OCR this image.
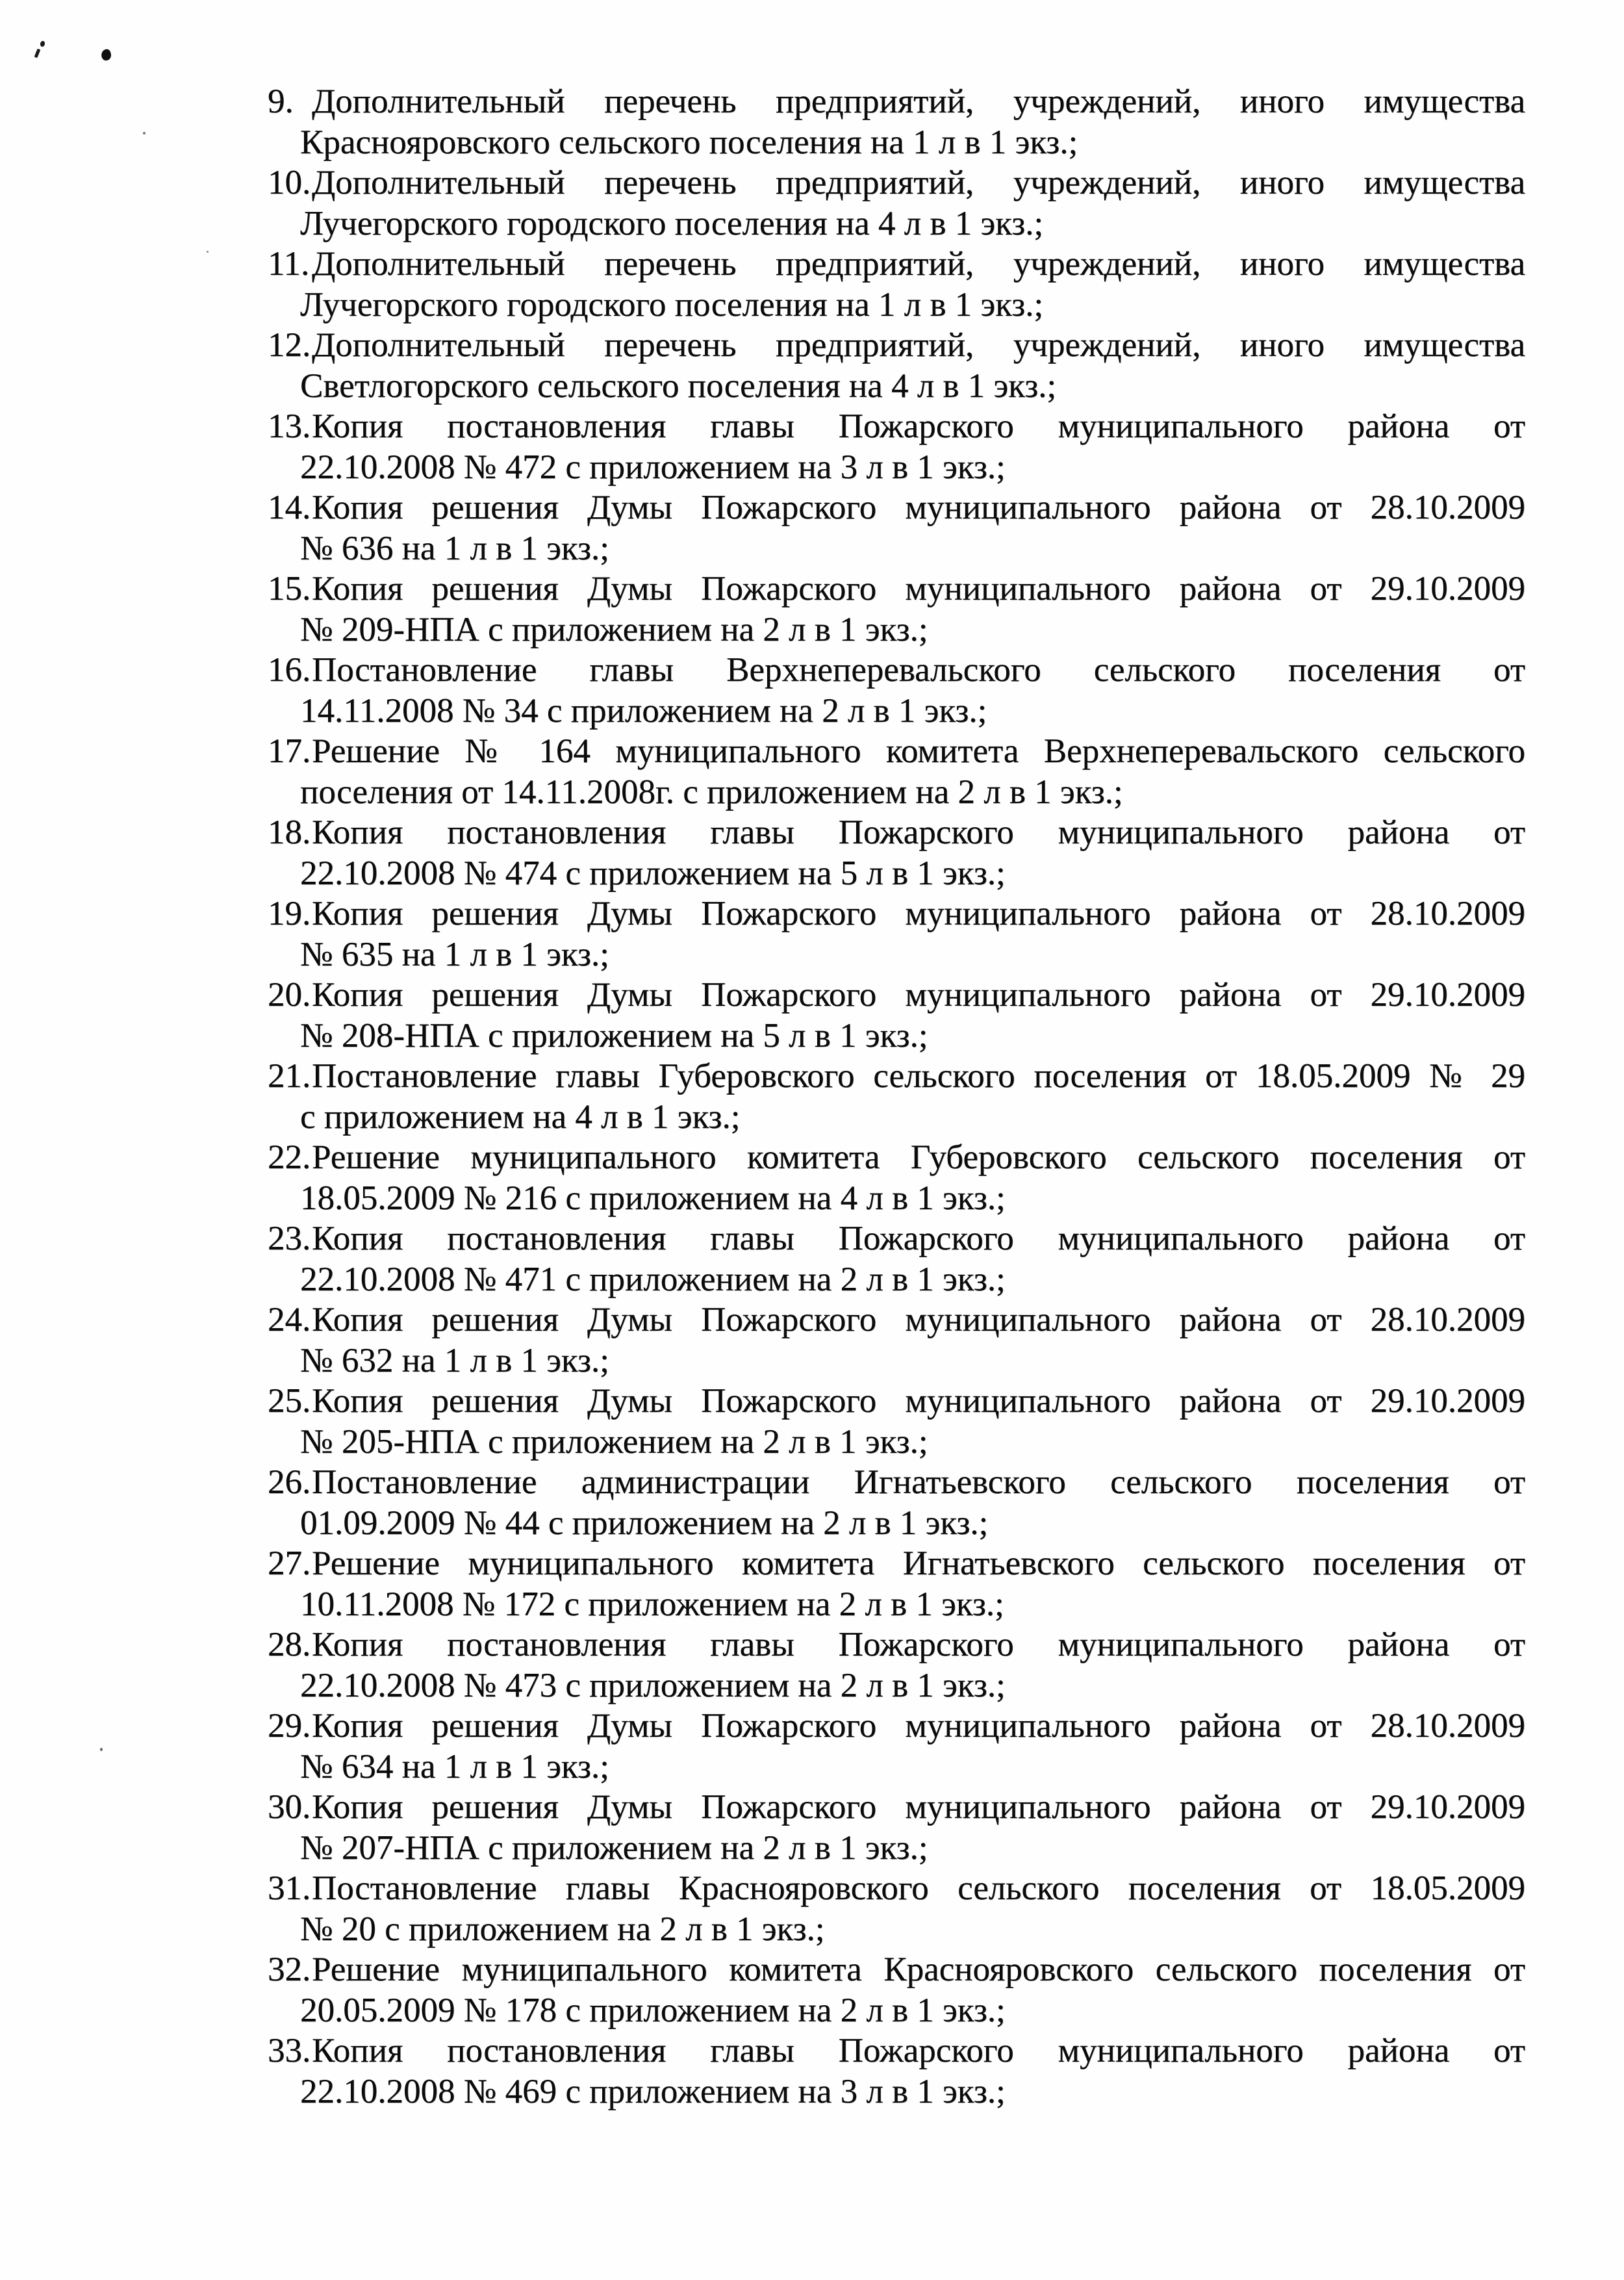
9. Дополнительный перечень предприятий, учреждений, иного имущества
Краснояровского сельского поселения на 1 л в 1 экз.;
10.Дополнительный перечень предприятий, учреждений, иного имущества
Лучегорского городского поселения на 4 л в 1 экз.;
11.Дополнительный перечень предприятий, учреждений, иного имущества
Лучегорского городского поселения на 1 л в 1 экз.;
12.Дополнительный перечень предприятий, учреждений, иного имущества
Светлогорского сельского поселения на 4 л в 1 экз.;
13.Копия постановления главы Пожарского муниципального района от
22.10.2008 № 472 с приложением на 3 л в 1 экз.;
14.Копия решения Думы Пожарского муниципального района от 28.10.2009
№ 636 на 1 л в 1 экз.;
15.Копия решения Думы Пожарского муниципального района от 29.10.2009
№ 209-НПА с приложением на 2 л в 1 экз.;
16.Постановление главы Верхнеперевальского сельского поселения от
14.11.2008 № 34 с приложением на 2 л в 1 экз.;
17.Решение № 164 муниципального комитета Верхнеперевальского сельского
поселения от 14.11.2008г. с приложением на 2 л в 1 экз.;
18.Копия постановления главы Пожарского муниципального района от
22.10.2008 № 474 с приложением на 5 л в 1 экз.;
19.Копия решения Думы Пожарского муниципального района от 28.10.2009
№ 635 на 1 л в 1 экз.;
20.Копия решения Думы Пожарского муниципального района от 29.10.2009
№ 208-НПА с приложением на 5 л в 1 экз.;
21.Постановление главы Губеровского сельского поселения от 18.05.2009 № 29
с приложением на 4 л в 1 экз.;
22.Решение муниципального комитета Губеровского сельского поселения от
18.05.2009 № 216 с приложением на 4 л в 1 экз.;
23.Копия постановления главы Пожарского муниципального района от
22.10.2008 № 471 с приложением на 2 л в 1 экз.;
24.Копия решения Думы Пожарского муниципального района от 28.10.2009
№ 632 на 1 л в 1 экз.;
25.Копия решения Думы Пожарского муниципального района от 29.10.2009
№ 205-НПА с приложением на 2 л в 1 экз.;
26.Постановление администрации Игнатьевского сельского поселения от
01.09.2009 № 44 с приложением на 2 л в 1 экз.;
27.Решение муниципального комитета Игнатьевского сельского поселения от
10.11.2008 № 172 с приложением на 2 л в 1 экз.;
28.Копия постановления главы Пожарского муниципального района от
22.10.2008 № 473 с приложением на 2 л в 1 экз.;
29.Копия решения Думы Пожарского муниципального района от 28.10.2009
№ 634 на 1 л в 1 экз.;
30.Копия решения Думы Пожарского муниципального района от 29.10.2009
№ 207-НПА с приложением на 2 л в 1 экз.;
31.Постановление главы Краснояровского сельского поселения от 18.05.2009
№ 20 с приложением на 2 л в 1 экз.;
32.Решение муниципального комитета Краснояровского сельского поселения от
20.05.2009 № 178 с приложением на 2 л в 1 экз.;
33.Копия постановления главы Пожарского муниципального района от
22.10.2008 № 469 с приложением на 3 л в 1 экз.;
